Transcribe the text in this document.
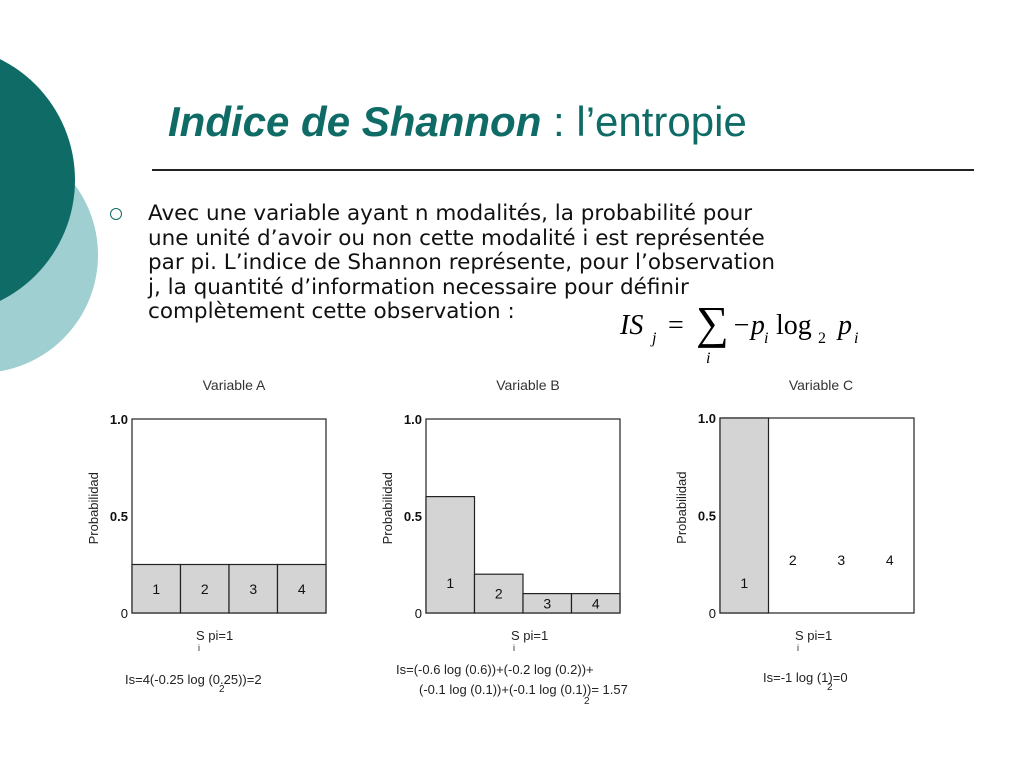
Indice de Shannon : l’entropie
Avec une variable ayant n modalités, la probabilité pour
une unité d’avoir ou non cette modalité i est représentée
par pi. L’indice de Shannon représente, pour l’observation
j, la quantité d’information necessaire pour définir
complètement cette observation :	IS j = ∑
i
−p i log 2 p i
Variable A
1	2	3	4
1.0
0.5
0
Probabilidad
S pi=1
i
Is=4(-0.25 log (0.25))=2
2
Variable B
1
2
3	4
1.0
0.5
0
Probabilidad
S pi=1
i
Is=(-0.6 log (0.6))+(-0.2 log (0.2))+
(-0.1 log (0.1))+(-0.1 log (0.1))= 1.57
2
Variable C
1
2	3	4
1.0
0.5
0
Probabilidad
S pi=1
i
Is=-1 log (1)=0
2
